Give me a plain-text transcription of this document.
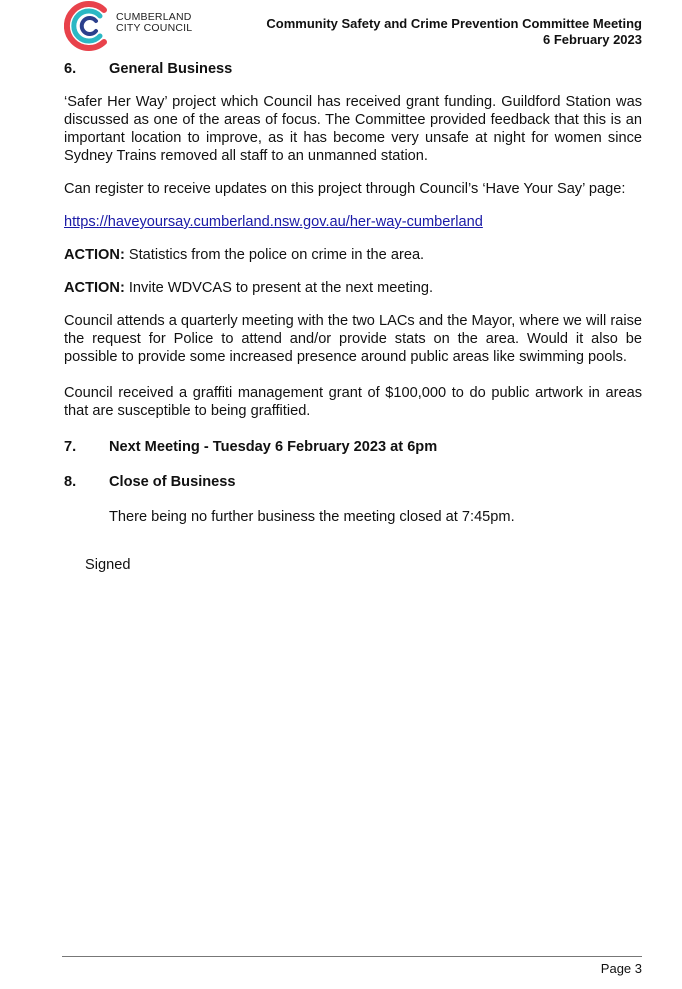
CUMBERLAND
CITY COUNCIL	Community Safety and Crime Prevention Committee Meeting
6 February 2023
6.	General Business

‘Safer Her Way’ project which Council has received grant funding. Guildford Station was discussed as one of the areas of focus. The Committee provided feedback that this is an important location to improve, as it has become very unsafe at night for women since Sydney Trains removed all staff to an unmanned station.

Can register to receive updates on this project through Council’s ‘Have Your Say’ page:

https://haveyoursay.cumberland.nsw.gov.au/her-way-cumberland

ACTION: Statistics from the police on crime in the area.

ACTION: Invite WDVCAS to present at the next meeting.

Council attends a quarterly meeting with the two LACs and the Mayor, where we will raise the request for Police to attend and/or provide stats on the area. Would it also be possible to provide some increased presence around public areas like swimming pools.

Council received a graffiti management grant of $100,000 to do public artwork in areas that are susceptible to being graffitied.

7.	Next Meeting - Tuesday 6 February 2023 at 6pm
8.	Close of Business

There being no further business the meeting closed at 7:45pm.

Signed

Page 3
